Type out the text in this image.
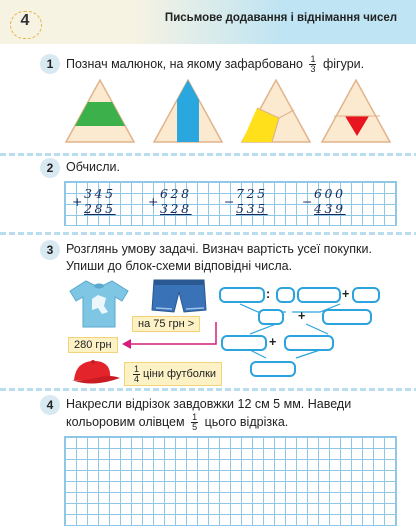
4	Письмове додавання і віднімання чисел
1	Познач малюнок, на якому зафарбовано $\frac{1}{3}$ фігури.
2	Обчисли.
+
345
285	+
628
328	−
725
535	−
600
439
3	Розглянь умову задачі. Визнач вартість усеї покупки.
Упиши до блок-схеми відповідні числа.
на 75 грн >
280 грн
$\frac{1}{4}$ ціни футболки
:	+
+
+
4	Накресли відрізок завдовжки 12 см 5 мм. Наведи
кольоровим олівцем $\frac{1}{5}$ цього відрізка.
